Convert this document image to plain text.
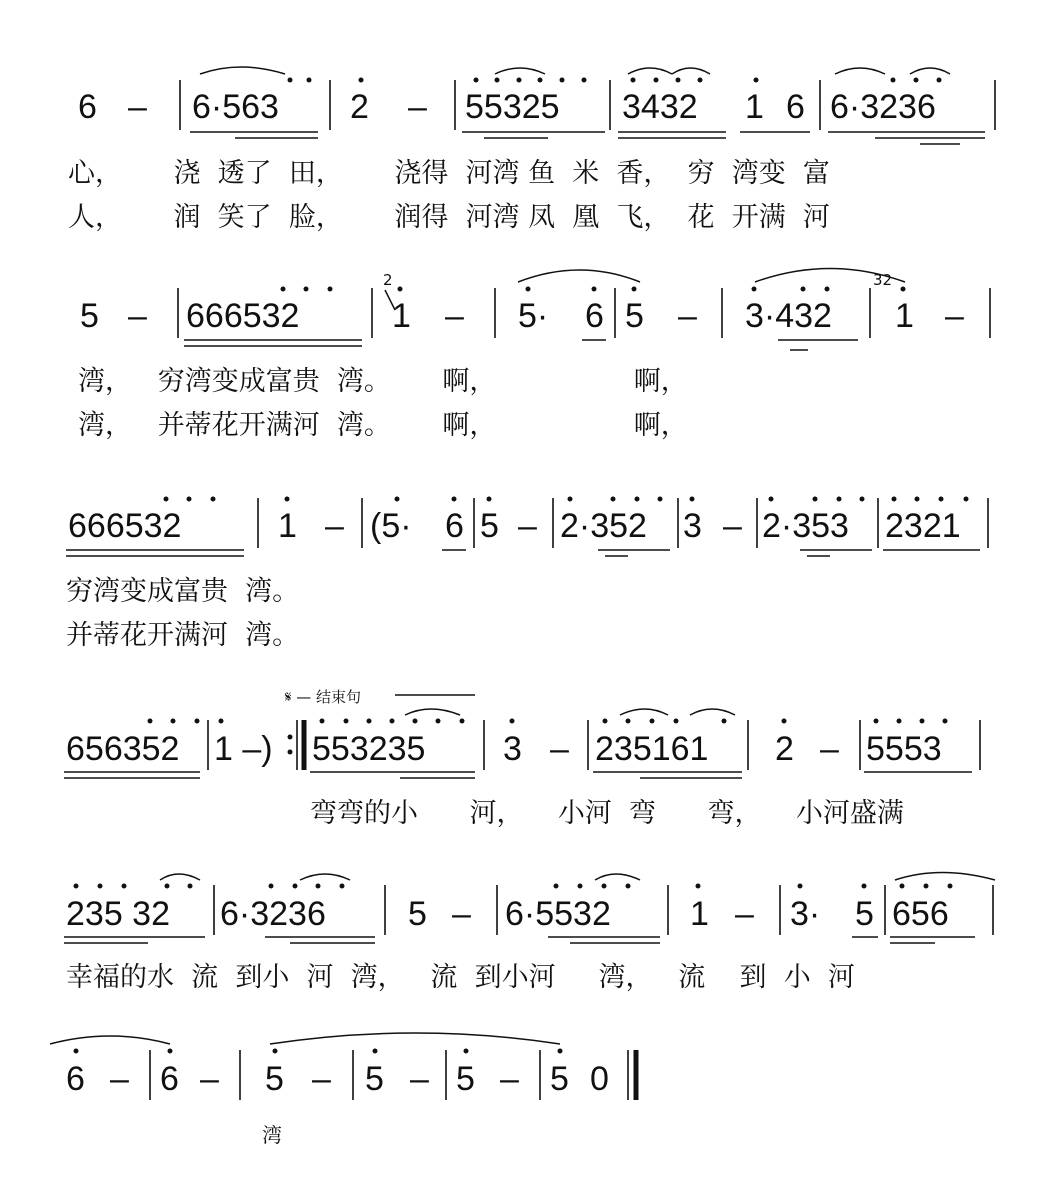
6 – 6·563 2 – 55325 3432 1 6 6·3236
心，      浇  透了  田，      浇得  河湾 鱼  米  香，  穷  湾变  富
人，      润  笑了  脸，      润得  河湾 凤  凰  飞，  花  开满  河
5 – 666532
2
1 – 5· 6 5 – 3·432
32
1 –
湾，   穷湾变成富贵  湾。      啊，                啊，
湾，   并蒂花开满河  湾。      啊，                啊，
666532	1 – (5· 6 5 – 2·352 3 – 2·353 2321
穷湾变成富贵  湾。
并蒂花开满河  湾。
𝄋 — 结束句
656352 1 –) 553235 3 – 235161 2 – 5553
弯弯的小      河，    小河  弯      弯，    小河盛满
235 32 6·3236 5 – 6·5532 1 – 3· 5 656
幸福的水  流  到小  河  湾，   流  到小河     湾，   流    到  小  河
6 – 6 – 5 – 5 – 5 – 5 0
湾
